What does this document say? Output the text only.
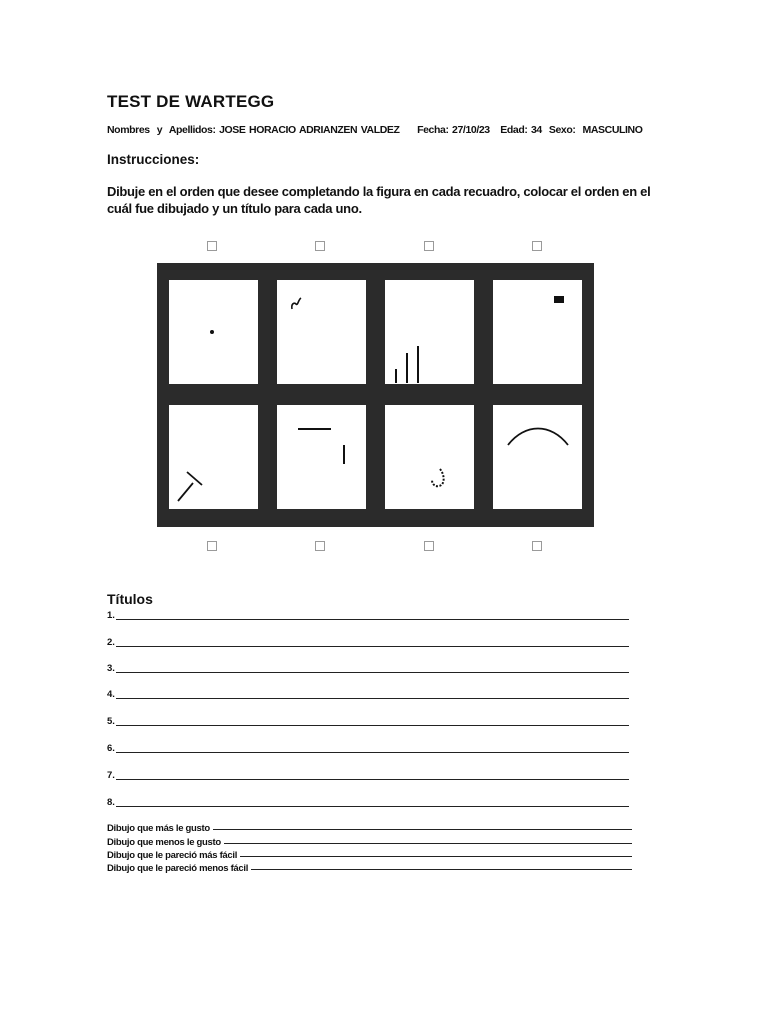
TEST DE WARTEGG
Nombres  y  Apellidos: JOSE HORACIO ADRIANZEN VALDEZ     Fecha: 27/10/23   Edad: 34  Sexo:  MASCULINO
Instrucciones:
Dibuje en el orden que desee completando la figura en cada recuadro, colocar el orden en el cuál fue dibujado y un título para cada uno.
Títulos
1.
2.
3.
4.
5.
6.
7.
8.
Dibujo que más le gusto
Dibujo que menos le gusto
Dibujo que le pareció más fácil
Dibujo que le pareció menos fácil
